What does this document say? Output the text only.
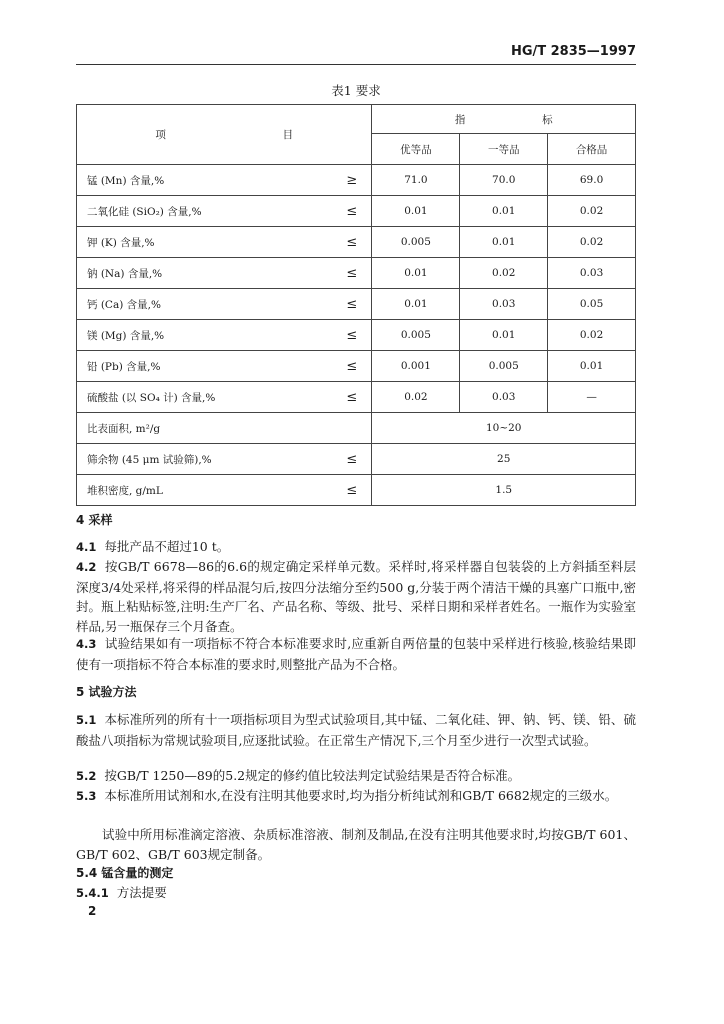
HG/T 2835—1997
表1 要求
项 目		指 标		
		优等品	一等品	合格品
锰 (Mn) 含量,%	≥	71.0	70.0	69.0
二氧化硅 (SiO₂) 含量,%	≤	0.01	0.01	0.02
钾 (K) 含量,%	≤	0.005	0.01	0.02
钠 (Na) 含量,%	≤	0.01	0.02	0.03
钙 (Ca) 含量,%	≤	0.01	0.03	0.05
镁 (Mg) 含量,%	≤	0.005	0.01	0.02
铅 (Pb) 含量,%	≤	0.001	0.005	0.01
硫酸盐 (以 SO₄ 计) 含量,%	≤	0.02	0.03	—
比表面积, m²/g		10~20		
筛余物 (45 μm 试验筛),%	≤	25		
堆积密度, g/mL	≤	1.5		
4 采样
4.1 每批产品不超过10 t。
4.2 按GB/T 6678—86的6.6的规定确定采样单元数。采样时,将采样器自包装袋的上方斜插至料层深度3/4处采样,将采得的样品混匀后,按四分法缩分至约500 g,分装于两个清洁干燥的具塞广口瓶中,密封。瓶上粘贴标签,注明:生产厂名、产品名称、等级、批号、采样日期和采样者姓名。一瓶作为实验室样品,另一瓶保存三个月备查。
4.3 试验结果如有一项指标不符合本标准要求时,应重新自两倍量的包装中采样进行核验,核验结果即使有一项指标不符合本标准的要求时,则整批产品为不合格。
5 试验方法
5.1 本标准所列的所有十一项指标项目为型式试验项目,其中锰、二氧化硅、钾、钠、钙、镁、铅、硫酸盐八项指标为常规试验项目,应逐批试验。在正常生产情况下,三个月至少进行一次型式试验。
5.2 按GB/T 1250—89的5.2规定的修约值比较法判定试验结果是否符合标准。
5.3 本标准所用试剂和水,在没有注明其他要求时,均为指分析纯试剂和GB/T 6682规定的三级水。
试验中所用标准滴定溶液、杂质标准溶液、制剂及制品,在没有注明其他要求时,均按GB/T 601、GB/T 602、GB/T 603规定制备。
5.4 锰含量的测定
5.4.1 方法提要
2
